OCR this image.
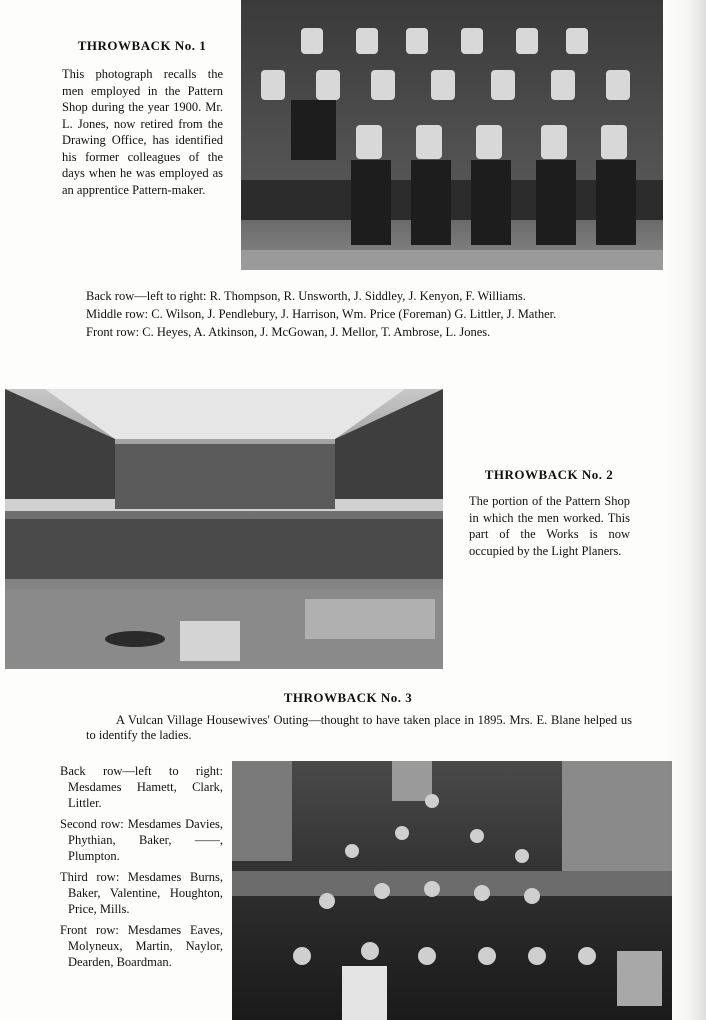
THROWBACK No. 1
This photograph recalls the men employed in the Pattern Shop during the year 1900. Mr. L. Jones, now retired from the Drawing Office, has identified his former colleagues of the days when he was employed as an apprentice Pattern-maker.

Back row—left to right: R. Thompson, R. Unsworth, J. Siddley, J. Kenyon, F. Williams.

Middle row: C. Wilson, J. Pendlebury, J. Harrison, Wm. Price (Foreman) G. Littler, J. Mather.

Front row: C. Heyes, A. Atkinson, J. McGowan, J. Mellor, T. Ambrose, L. Jones.

THROWBACK No. 2
The portion of the Pattern Shop in which the men worked. This part of the Works is now occupied by the Light Planers.
THROWBACK No. 3
A Vulcan Village Housewives' Outing—thought to have taken place in 1895. Mrs. E. Blane helped us to identify the ladies.

Back row—left to right: Mesdames Hamett, Clark, Littler.

Second row: Mesdames Davies, Phythian, Baker, ——, Plumpton.

Third row: Mesdames Burns, Baker, Valentine, Houghton, Price, Mills.

Front row: Mesdames Eaves, Molyneux, Martin, Naylor, Dearden, Boardman.
